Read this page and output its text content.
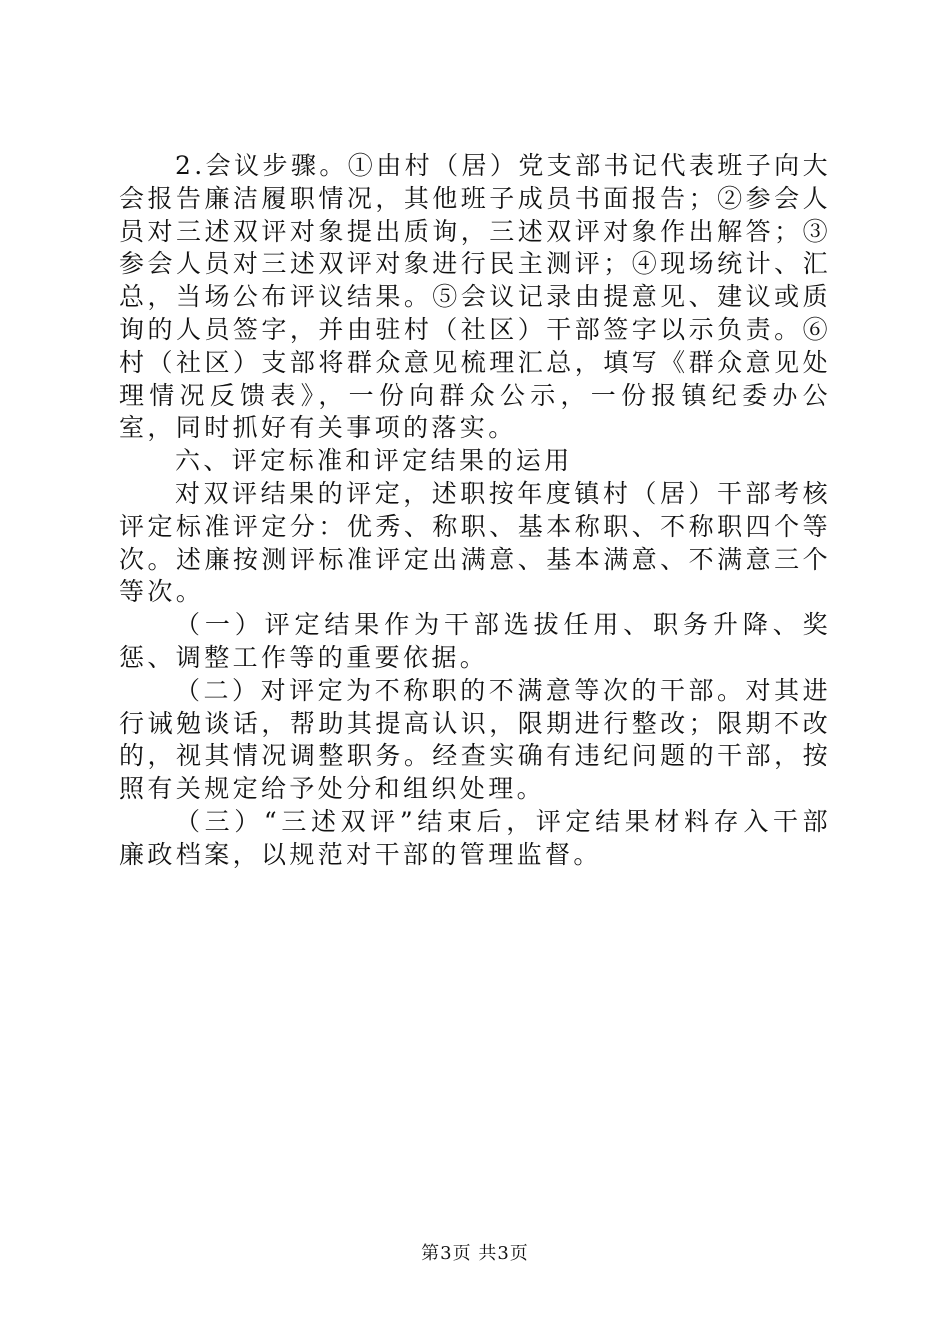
2.会议步骤。①由村（居）党支部书记代表班子向大会报告廉洁履职情况，其他班子成员书面报告；②参会人员对三述双评对象提出质询，三述双评对象作出解答；③参会人员对三述双评对象进行民主测评；④现场统计、汇总，当场公布评议结果。⑤会议记录由提意见、建议或质询的人员签字，并由驻村（社区）干部签字以示负责。⑥村（社区）支部将群众意见梳理汇总，填写《群众意见处理情况反馈表》，一份向群众公示，一份报镇纪委办公室，同时抓好有关事项的落实。

六、评定标准和评定结果的运用

对双评结果的评定，述职按年度镇村（居）干部考核评定标准评定分：优秀、称职、基本称职、不称职四个等次。述廉按测评标准评定出满意、基本满意、不满意三个等次。

（一）评定结果作为干部选拔任用、职务升降、奖惩、调整工作等的重要依据。

（二）对评定为不称职的不满意等次的干部。对其进行诫勉谈话，帮助其提高认识，限期进行整改；限期不改的，视其情况调整职务。经查实确有违纪问题的干部，按照有关规定给予处分和组织处理。

（三）“三述双评”结束后，评定结果材料存入干部廉政档案，以规范对干部的管理监督。

第3页 共3页
